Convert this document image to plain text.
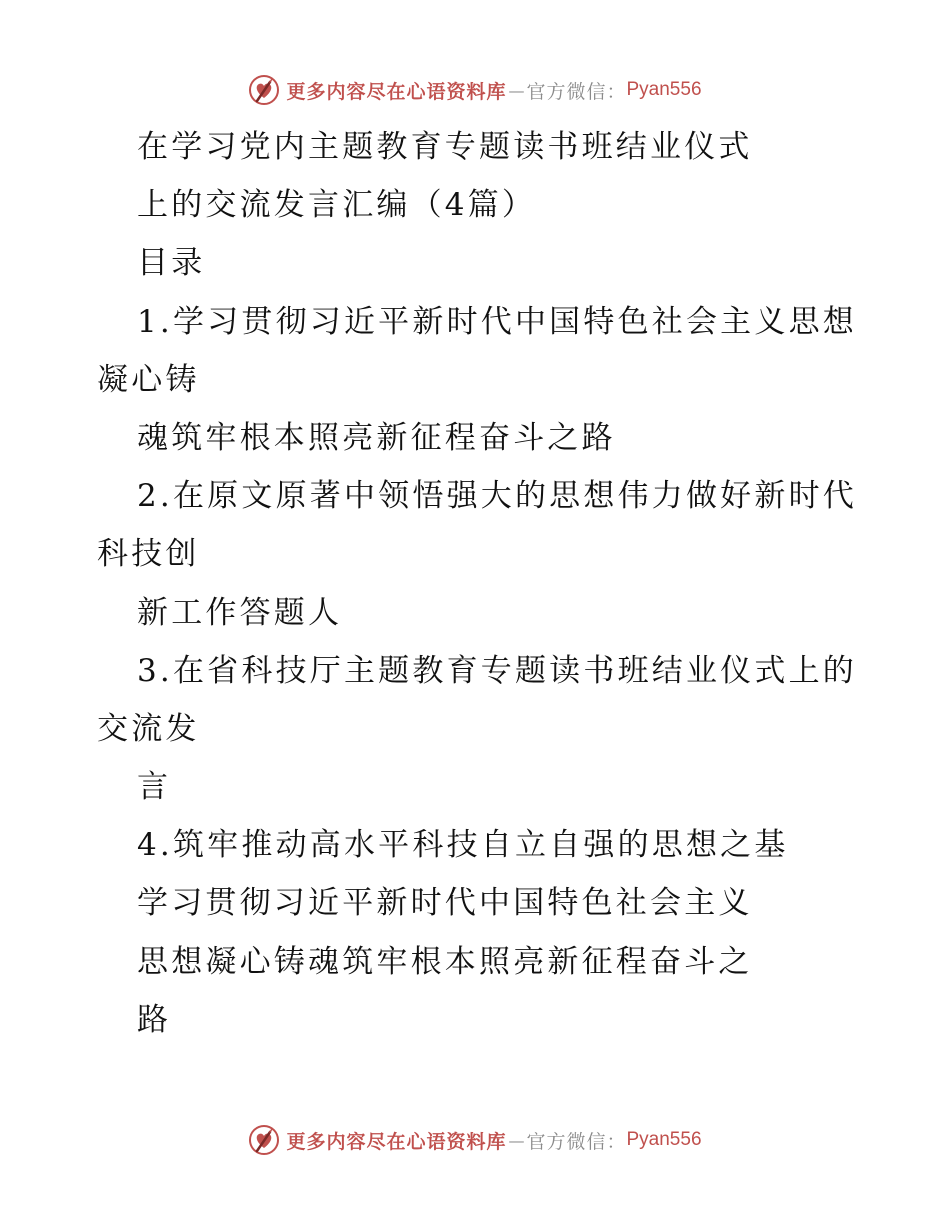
更多内容尽在心语资料库 — 官方微信： Pyan556
在学习党内主题教育专题读书班结业仪式
上的交流发言汇编（4篇）
目录
1.学习贯彻习近平新时代中国特色社会主义思想
凝心铸
魂筑牢根本照亮新征程奋斗之路
2.在原文原著中领悟强大的思想伟力做好新时代
科技创
新工作答题人
3.在省科技厅主题教育专题读书班结业仪式上的
交流发
言
4.筑牢推动高水平科技自立自强的思想之基
学习贯彻习近平新时代中国特色社会主义
思想凝心铸魂筑牢根本照亮新征程奋斗之
路
更多内容尽在心语资料库 — 官方微信： Pyan556
